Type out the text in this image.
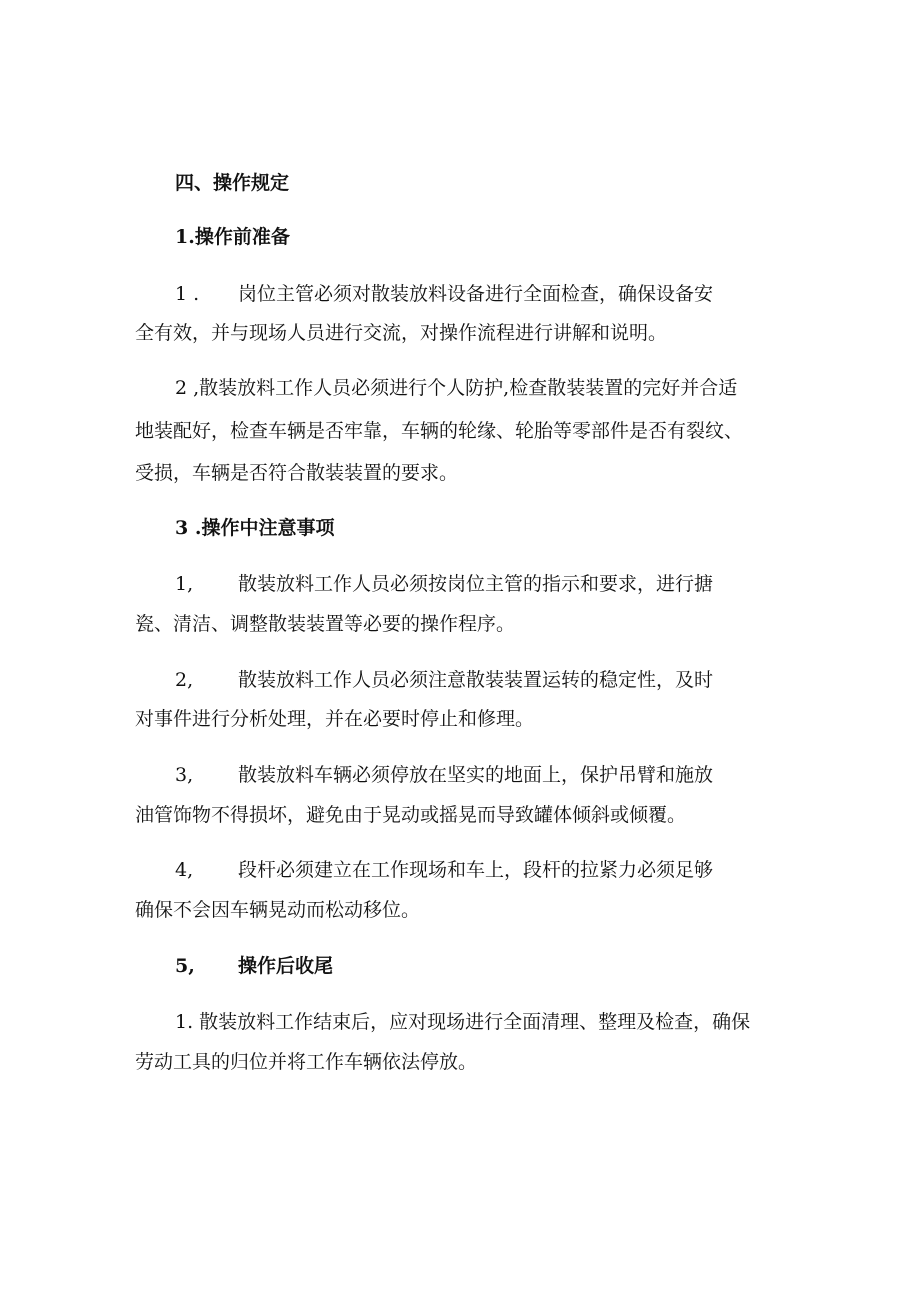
四、操作规定
1.操作前准备
1 . 岗位主管必须对散装放料设备进行全面检查，确保设备安
全有效，并与现场人员进行交流，对操作流程进行讲解和说明。
2 ,散装放料工作人员必须进行个人防护,检查散装装置的完好并合适
地装配好，检查车辆是否牢靠，车辆的轮缘、轮胎等零部件是否有裂纹、
受损，车辆是否符合散装装置的要求。
3 .操作中注意事项
1, 散装放料工作人员必须按岗位主管的指示和要求，进行搪
瓷、清洁、调整散装装置等必要的操作程序。
2, 散装放料工作人员必须注意散装装置运转的稳定性，及时
对事件进行分析处理，并在必要时停止和修理。
3, 散装放料车辆必须停放在坚实的地面上，保护吊臂和施放
油管饰物不得损坏，避免由于晃动或摇晃而导致罐体倾斜或倾覆。
4, 段杆必须建立在工作现场和车上，段杆的拉紧力必须足够
确保不会因车辆晃动而松动移位。
5, 操作后收尾
1. 散装放料工作结束后，应对现场进行全面清理、整理及检查，确保
劳动工具的归位并将工作车辆依法停放。
